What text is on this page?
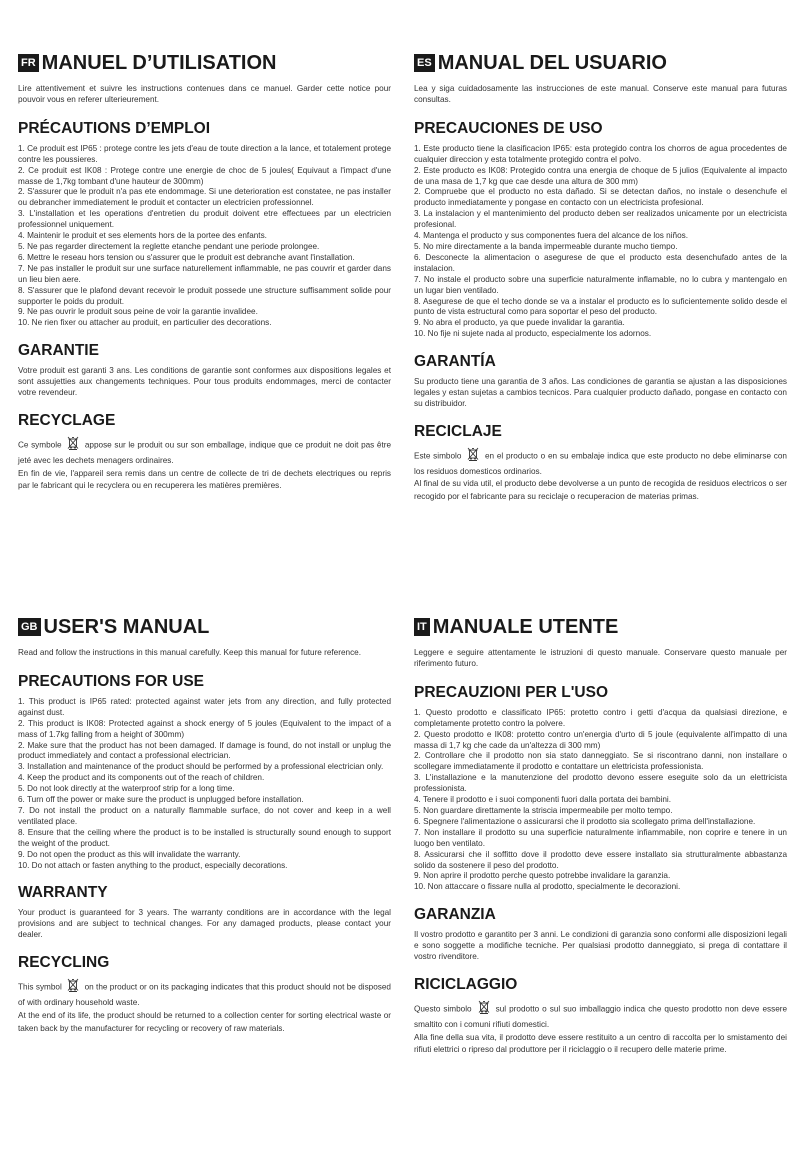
FR MANUEL D’UTILISATION

Lire attentivement et suivre les instructions contenues dans ce manuel. Garder cette notice pour pouvoir vous en referer ulterieurement.

PRÉCAUTIONS D’EMPLOI
1. Ce produit est IP65 : protege contre les jets d'eau de toute direction a la lance, et totalement protege contre les poussieres.
2. Ce produit est IK08 : Protege contre une energie de choc de 5 joules( Equivaut a l'impact d'une masse de 1,7kg tombant d'une hauteur de 300mm)
2. S'assurer que le produit n'a pas ete endommage. Si une deterioration est constatee, ne pas installer ou debrancher immediatement le produit et contacter un electricien professionnel.
3. L'installation et les operations d'entretien du produit doivent etre effectuees par un electricien professionnel uniquement.
4. Maintenir le produit et ses elements hors de la portee des enfants.
5. Ne pas regarder directement la reglette etanche pendant une periode prolongee.
6. Mettre le reseau hors tension ou s'assurer que le produit est debranche avant l'installation.
7. Ne pas installer le produit sur une surface naturellement inflammable, ne pas couvrir et garder dans un lieu bien aere.
8. S'assurer que le plafond devant recevoir le produit possede une structure suffisamment solide pour supporter le poids du produit.
9. Ne pas ouvrir le produit sous peine de voir la garantie invalidee.
10. Ne rien fixer ou attacher au produit, en particulier des decorations.
GARANTIE

Votre produit est garanti 3 ans. Les conditions de garantie sont conformes aux dispositions legales et sont assujetties aux changements techniques. Pour tous produits endommages, merci de contacter votre revendeur.

RECYCLAGE

Ce symbole	appose sur le produit ou sur son emballage, indique que ce produit ne doit pas être jeté avec les dechets menagers ordinaires.

En fin de vie, l'appareil sera remis dans un centre de collecte de tri de dechets electriques ou repris par le fabricant qui le recyclera ou en recuperera les matières premières.

ES MANUAL DEL USUARIO

Lea y siga cuidadosamente las instrucciones de este manual. Conserve este manual para futuras consultas.

PRECAUCIONES DE USO
1. Este producto tiene la clasificacion IP65: esta protegido contra los chorros de agua procedentes de cualquier direccion y esta totalmente protegido contra el polvo.
2. Este producto es IK08: Protegido contra una energia de choque de 5 julios (Equivalente al impacto de una masa de 1,7 kg que cae desde una altura de 300 mm)
2. Compruebe que el producto no esta dañado. Si se detectan daños, no instale o desenchufe el producto inmediatamente y pongase en contacto con un electricista profesional.
3. La instalacion y el mantenimiento del producto deben ser realizados unicamente por un electricista profesional.
4. Mantenga el producto y sus componentes fuera del alcance de los niños.
5. No mire directamente a la banda impermeable durante mucho tiempo.
6. Desconecte la alimentacion o asegurese de que el producto esta desenchufado antes de la instalacion.
7. No instale el producto sobre una superficie naturalmente inflamable, no lo cubra y mantengalo en un lugar bien ventilado.
8. Asegurese de que el techo donde se va a instalar el producto es lo suficientemente solido desde el punto de vista estructural como para soportar el peso del producto.
9. No abra el producto, ya que puede invalidar la garantia.
10. No fije ni sujete nada al producto, especialmente los adornos.
GARANTÍA

Su producto tiene una garantia de 3 años. Las condiciones de garantia se ajustan a las disposiciones legales y estan sujetas a cambios tecnicos. Para cualquier producto dañado, pongase en contacto con su distribuidor.

RECICLAJE

Este simbolo	en el producto o en su embalaje indica que este producto no debe eliminarse con los residuos domesticos ordinarios.

Al final de su vida util, el producto debe devolverse a un punto de recogida de residuos electricos o ser recogido por el fabricante para su reciclaje o recuperacion de materias primas.

GB USER'S MANUAL

Read and follow the instructions in this manual carefully. Keep this manual for future reference.

PRECAUTIONS FOR USE
1. This product is IP65 rated: protected against water jets from any direction, and fully protected against dust.
2. This product is IK08: Protected against a shock energy of 5 joules (Equivalent to the impact of a mass of 1.7kg falling from a height of 300mm)
2. Make sure that the product has not been damaged. If damage is found, do not install or unplug the product immediately and contact a professional electrician.
3. Installation and maintenance of the product should be performed by a professional electrician only.
4. Keep the product and its components out of the reach of children.
5. Do not look directly at the waterproof strip for a long time.
6. Turn off the power or make sure the product is unplugged before installation.
7. Do not install the product on a naturally flammable surface, do not cover and keep in a well ventilated place.
8. Ensure that the ceiling where the product is to be installed is structurally sound enough to support the weight of the product.
9. Do not open the product as this will invalidate the warranty.
10. Do not attach or fasten anything to the product, especially decorations.
WARRANTY

Your product is guaranteed for 3 years. The warranty conditions are in accordance with the legal provisions and are subject to technical changes. For any damaged products, please contact your dealer.

RECYCLING

This symbol	on the product or on its packaging indicates that this product should not be disposed of with ordinary household waste.

At the end of its life, the product should be returned to a collection center for sorting electrical waste or taken back by the manufacturer for recycling or recovery of raw materials.

IT MANUALE UTENTE

Leggere e seguire attentamente le istruzioni di questo manuale. Conservare questo manuale per riferimento futuro.

PRECAUZIONI PER L'USO
1. Questo prodotto e classificato IP65: protetto contro i getti d'acqua da qualsiasi direzione, e completamente protetto contro la polvere.
2. Questo prodotto e IK08: protetto contro un'energia d'urto di 5 joule (equivalente all'impatto di una massa di 1,7 kg che cade da un'altezza di 300 mm)
2. Controllare che il prodotto non sia stato danneggiato. Se si riscontrano danni, non installare o scollegare immediatamente il prodotto e contattare un elettricista professionista.
3. L'installazione e la manutenzione del prodotto devono essere eseguite solo da un elettricista professionista.
4. Tenere il prodotto e i suoi componenti fuori dalla portata dei bambini.
5. Non guardare direttamente la striscia impermeabile per molto tempo.
6. Spegnere l'alimentazione o assicurarsi che il prodotto sia scollegato prima dell'installazione.
7. Non installare il prodotto su una superficie naturalmente infiammabile, non coprire e tenere in un luogo ben ventilato.
8. Assicurarsi che il soffitto dove il prodotto deve essere installato sia strutturalmente abbastanza solido da sostenere il peso del prodotto.
9. Non aprire il prodotto perche questo potrebbe invalidare la garanzia.
10. Non attaccare o fissare nulla al prodotto, specialmente le decorazioni.
GARANZIA

Il vostro prodotto e garantito per 3 anni. Le condizioni di garanzia sono conformi alle disposizioni legali e sono soggette a modifiche tecniche. Per qualsiasi prodotto danneggiato, si prega di contattare il vostro rivenditore.

RICICLAGGIO

Questo simbolo	sul prodotto o sul suo imballaggio indica che questo prodotto non deve essere smaltito con i comuni rifiuti domestici.

Alla fine della sua vita, il prodotto deve essere restituito a un centro di raccolta per lo smistamento dei rifiuti elettrici o ripreso dal produttore per il riciclaggio o il recupero delle materie prime.
